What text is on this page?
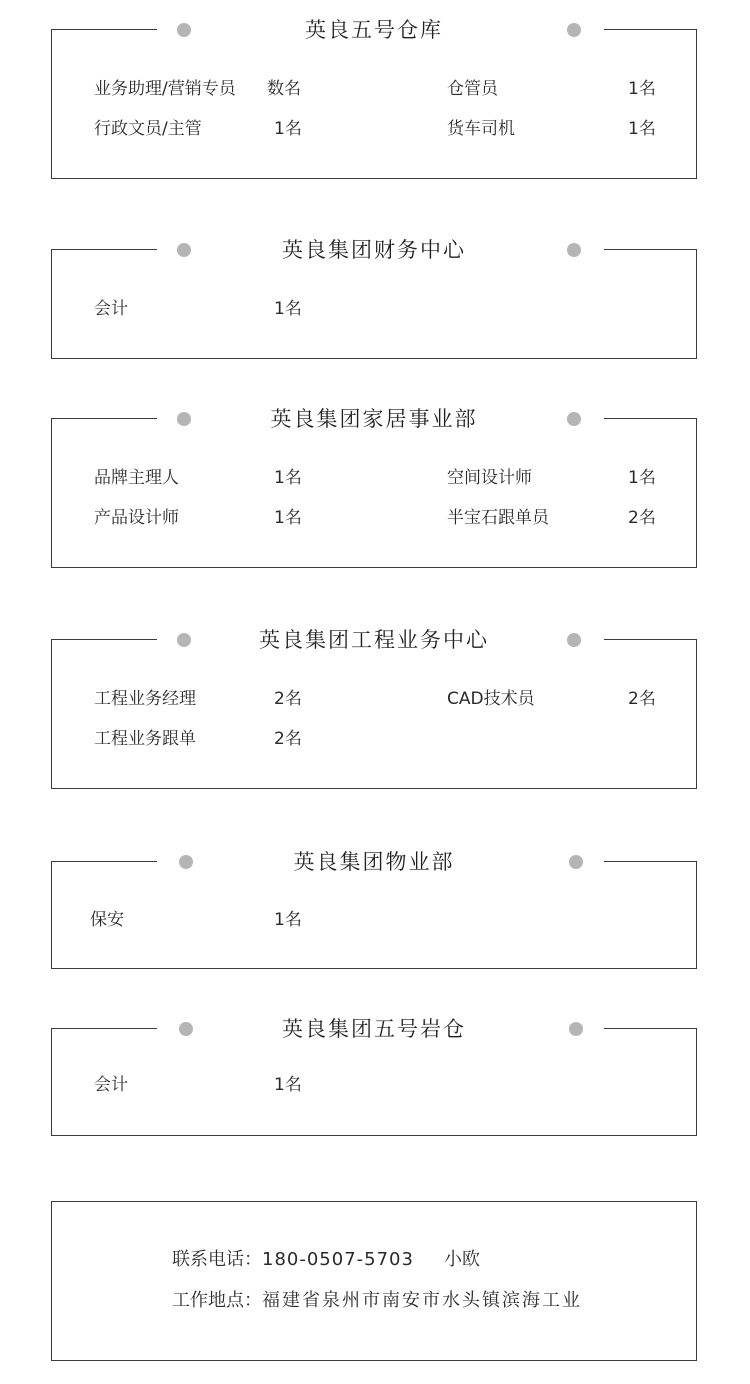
英良五号仓库
业务助理/营销专员 数名	仓管员	1名
行政文员/主管	1名	货车司机	1名
英良集团财务中心
会计	1名
英良集团家居事业部
品牌主理人	1名	空间设计师	1名
产品设计师	1名	半宝石跟单员	2名
英良集团工程业务中心
工程业务经理	2名	CAD技术员	2名
工程业务跟单	2名
英良集团物业部
保安	1名
英良集团五号岩仓
会计	1名
联系电话：180-0507-5703 小欧
工作地点：福建省泉州市南安市水头镇滨海工业
